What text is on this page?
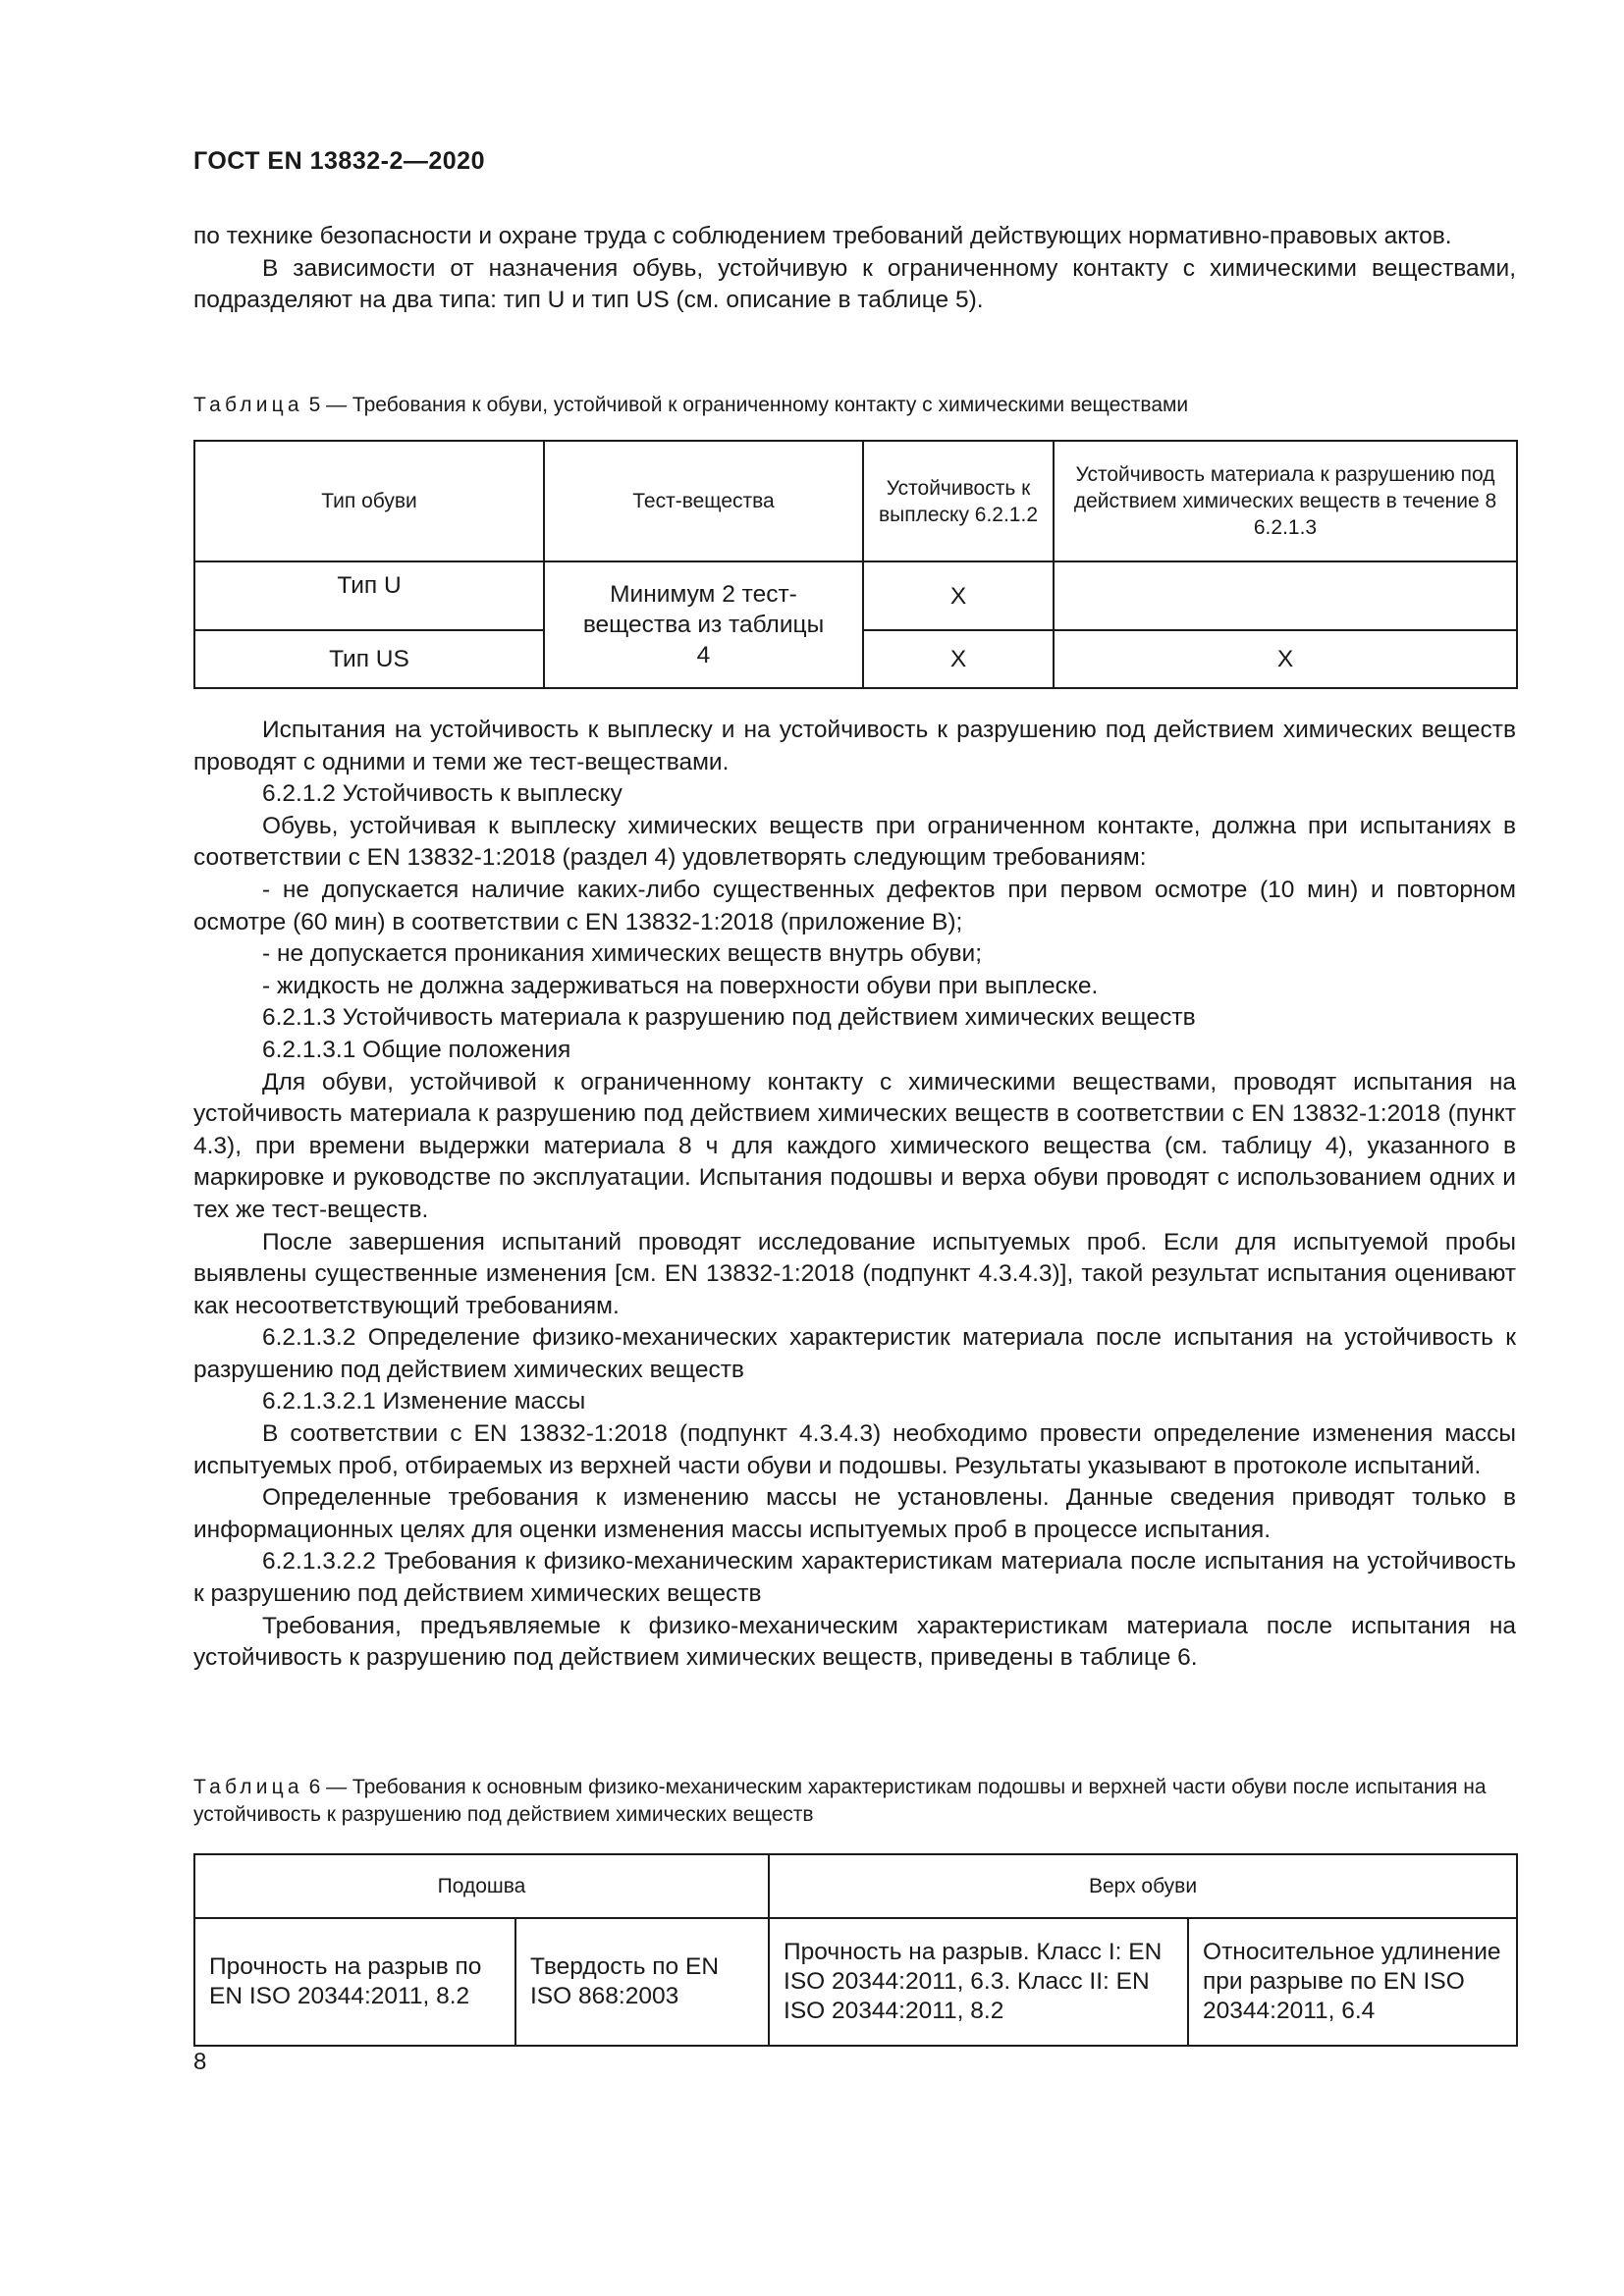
ГОСТ EN 13832-2—2020

по технике безопасности и охране труда с соблюдением требований действующих нормативно-правовых актов.

В зависимости от назначения обувь, устойчивую к ограниченному контакту с химическими веществами, подразделяют на два типа: тип U и тип US (см. описание в таблице 5).

Таблица 5 — Требования к обуви, устойчивой к ограниченному контакту с химическими веществами
Тип обуви	Тест-вещества	Устойчивость к выплеску 6.2.1.2	Устойчивость материала к разрушению под действием химических веществ в течение 8 6.2.1.3
Тип U	Минимум 2 тест-вещества из таблицы 4	X	
Тип US		X	X

Испытания на устойчивость к выплеску и на устойчивость к разрушению под действием химических веществ проводят с одними и теми же тест-веществами.

6.2.1.2 Устойчивость к выплеску

Обувь, устойчивая к выплеску химических веществ при ограниченном контакте, должна при испытаниях в соответствии с EN 13832-1:2018 (раздел 4) удовлетворять следующим требованиям:

- не допускается наличие каких-либо существенных дефектов при первом осмотре (10 мин) и повторном осмотре (60 мин) в соответствии с EN 13832-1:2018 (приложение В);

- не допускается проникания химических веществ внутрь обуви;

- жидкость не должна задерживаться на поверхности обуви при выплеске.

6.2.1.3 Устойчивость материала к разрушению под действием химических веществ

6.2.1.3.1 Общие положения

Для обуви, устойчивой к ограниченному контакту с химическими веществами, проводят испытания на устойчивость материала к разрушению под действием химических веществ в соответствии с EN 13832-1:2018 (пункт 4.3), при времени выдержки материала 8 ч для каждого химического вещества (см. таблицу 4), указанного в маркировке и руководстве по эксплуатации. Испытания подошвы и верха обуви проводят с использованием одних и тех же тест-веществ.

После завершения испытаний проводят исследование испытуемых проб. Если для испытуемой пробы выявлены существенные изменения [см. EN 13832-1:2018 (подпункт 4.3.4.3)], такой результат испытания оценивают как несоответствующий требованиям.

6.2.1.3.2 Определение физико-механических характеристик материала после испытания на устойчивость к разрушению под действием химических веществ

6.2.1.3.2.1 Изменение массы

В соответствии с EN 13832-1:2018 (подпункт 4.3.4.3) необходимо провести определение изменения массы испытуемых проб, отбираемых из верхней части обуви и подошвы. Результаты указывают в протоколе испытаний.

Определенные требования к изменению массы не установлены. Данные сведения приводят только в информационных целях для оценки изменения массы испытуемых проб в процессе испытания.

6.2.1.3.2.2 Требования к физико-механическим характеристикам материала после испытания на устойчивость к разрушению под действием химических веществ

Требования, предъявляемые к физико-механическим характеристикам материала после испытания на устойчивость к разрушению под действием химических веществ, приведены в таблице 6.

Таблица 6 — Требования к основным физико-механическим характеристикам подошвы и верхней части обуви после испытания на устойчивость к разрушению под действием химических веществ
Подошва		Верх обуви	
Прочность на разрыв по EN ISO 20344:2011, 8.2	Твердость по EN ISO 868:2003	Прочность на разрыв. Класс I: EN ISO 20344:2011, 6.3. Класс II: EN ISO 20344:2011, 8.2	Относительное удлинение при разрыве по EN ISO 20344:2011, 6.4
8
